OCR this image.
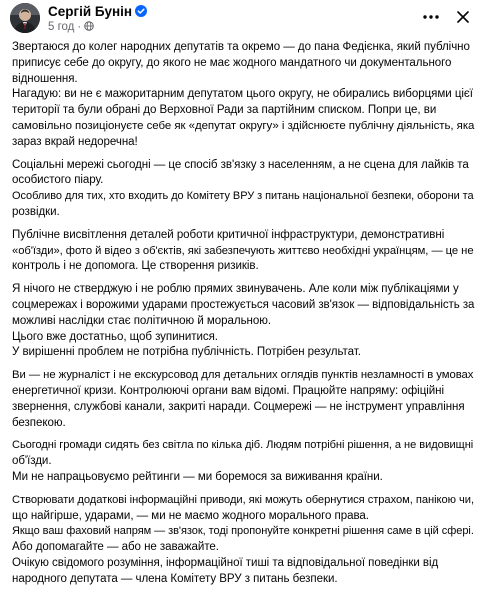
Сергій Бунін
5 год ·
Звертаюся до колег народних депутатів та окремо — до пана Федієнка, який публічно
приписує себе до округу, до якого не має жодного мандатного чи документального
відношення.
Нагадую: ви не є мажоритарним депутатом цього округу, не обирались виборцями цієї
території та були обрані до Верховної Ради за партійним списком. Попри це, ви
самовільно позиціонуєте себе як «депутат округу» і здійснюєте публічну діяльність, яка
зараз вкрай недоречна!
Соціальні мережі сьогодні — це спосіб зв'язку з населенням, а не сцена для лайків та
особистого піару.
Особливо для тих, хто входить до Комітету ВРУ з питань національної безпеки, оборони та
розвідки.
Публічне висвітлення деталей роботи критичної інфраструктури, демонстративні
«об'їзди», фото й відео з об'єктів, які забезпечують життєво необхідні українцям, — це не
контроль і не допомога. Це створення ризиків.
Я нічого не стверджую і не роблю прямих звинувачень. Але коли між публікаціями у
соцмережах і ворожими ударами простежується часовий зв'язок — відповідальність за
можливі наслідки стає політичною й моральною.
Цього вже достатньо, щоб зупинитися.
У вирішенні проблем не потрібна публічність. Потрібен результат.
Ви — не журналіст і не екскурсовод для детальних оглядів пунктів незламності в умовах
енергетичної кризи. Контролюючі органи вам відомі. Працюйте напряму: офіційні
звернення, службові канали, закриті наради. Соцмережі — не інструмент управління
безпекою.
Сьогодні громади сидять без світла по кілька діб. Людям потрібні рішення, а не видовищні
об'їзди.
Ми не напрацьовуємо рейтинги — ми боремося за виживання країни.
Створювати додаткові інформаційні приводи, які можуть обернутися страхом, панікою чи,
що найгірше, ударами, — ми не маємо жодного морального права.
Якщо ваш фаховий напрям — зв'язок, тоді пропонуйте конкретні рішення саме в цій сфері.
Або допомагайте — або не заважайте.
Очікую свідомого розуміння, інформаційної тиші та відповідальної поведінки від
народного депутата — члена Комітету ВРУ з питань безпеки.
